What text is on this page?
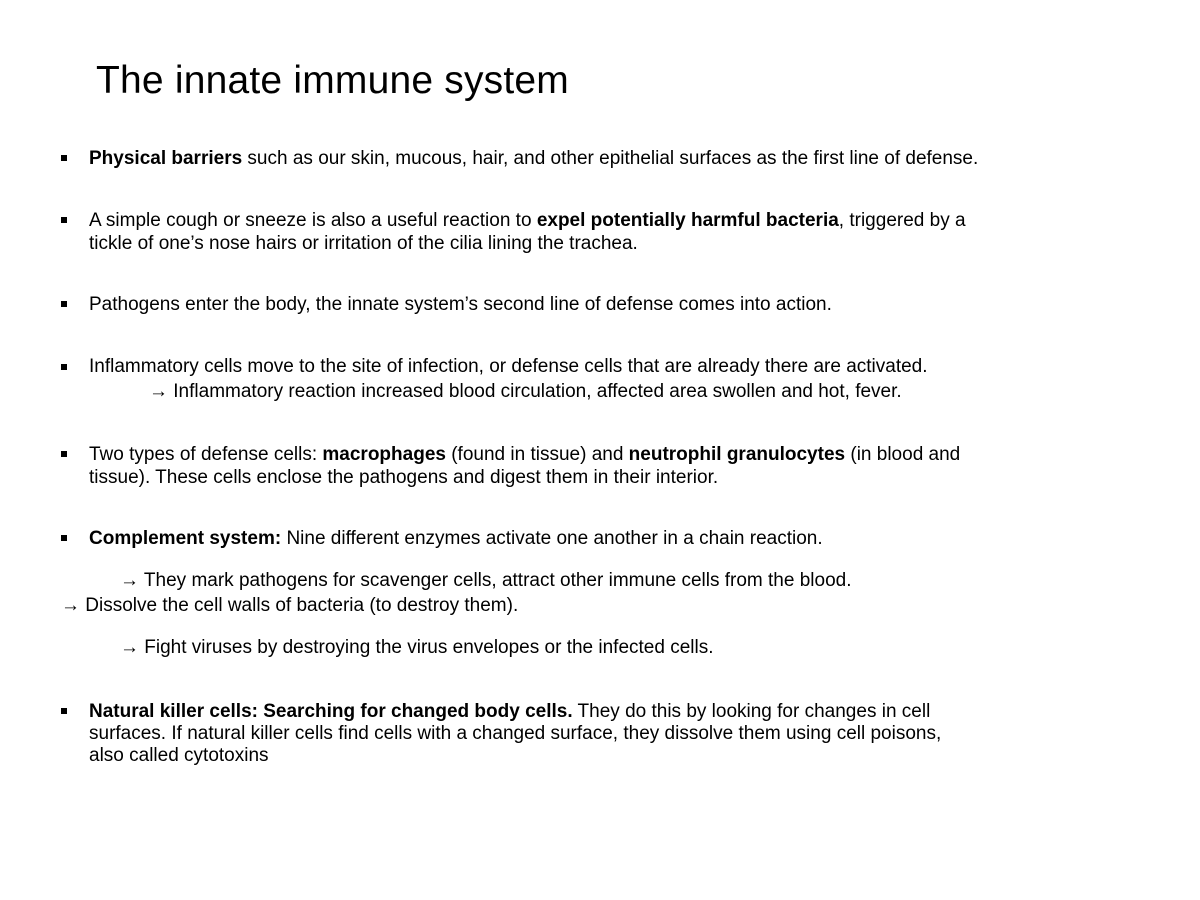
The innate immune system
Physical barriers such as our skin, mucous, hair, and other epithelial surfaces as the first line of defense.
A simple cough or sneeze is also a useful reaction to expel potentially harmful bacteria, triggered by a
tickle of one’s nose hairs or irritation of the cilia lining the trachea.
Pathogens enter the body, the innate system’s second line of defense comes into action.
Inflammatory cells move to the site of infection, or defense cells that are already there are activated.
→ Inflammatory reaction increased blood circulation, affected area swollen and hot, fever.
Two types of defense cells: macrophages (found in tissue) and neutrophil granulocytes (in blood and
tissue). These cells enclose the pathogens and digest them in their interior.
Complement system: Nine different enzymes activate one another in a chain reaction.
→ They mark pathogens for scavenger cells, attract other immune cells from the blood.
→ Dissolve the cell walls of bacteria (to destroy them).
→ Fight viruses by destroying the virus envelopes or the infected cells.
Natural killer cells: Searching for changed body cells. They do this by looking for changes in cell
surfaces. If natural killer cells find cells with a changed surface, they dissolve them using cell poisons,
also called cytotoxins
